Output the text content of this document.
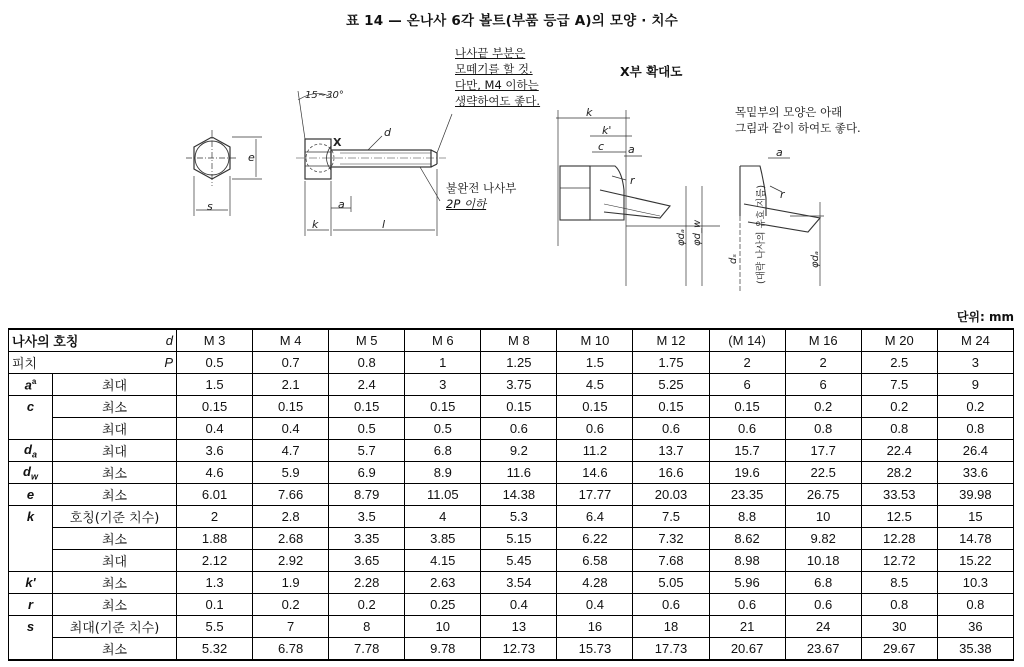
표 14 — 온나사 6각 볼트(부품 등급 A)의 모양 · 치수
15~30°
X
d
a
s
e
k	l
k
k'
c a
r
φdₐ φd_w
dₛ (대략 나사의 유효 지름)
a
r
φdₐ
나사끝 부분은
모떼기를 할 것.
다만, M4 이하는
생략하여도 좋다.
불완전 나사부
2P 이하
X부 확대도
목밑부의 모양은 아래
그림과 같이 하여도 좋다.
단위: mm
나사의 호칭	d	M 3	M 4	M 5	M 6	M 8	M 10	M 12	(M 14)	M 16	M 20	M 24
피치	P	0.5	0.7	0.8	1	1.25	1.5	1.75	2	2	2.5	3
$a^a$	최대	1.5	2.1	2.4	3	3.75	4.5	5.25	6	6	7.5	9
c	최소	0.15	0.15	0.15	0.15	0.15	0.15	0.15	0.15	0.2	0.2	0.2
	최대	0.4	0.4	0.5	0.5	0.6	0.6	0.6	0.6	0.8	0.8	0.8
$d_a$	최대	3.6	4.7	5.7	6.8	9.2	11.2	13.7	15.7	17.7	22.4	26.4
$d_w$	최소	4.6	5.9	6.9	8.9	11.6	14.6	16.6	19.6	22.5	28.2	33.6
e	최소	6.01	7.66	8.79	11.05	14.38	17.77	20.03	23.35	26.75	33.53	39.98
k	호칭(기준 치수)	2	2.8	3.5	4	5.3	6.4	7.5	8.8	10	12.5	15
	최소	1.88	2.68	3.35	3.85	5.15	6.22	7.32	8.62	9.82	12.28	14.78
	최대	2.12	2.92	3.65	4.15	5.45	6.58	7.68	8.98	10.18	12.72	15.22
k'	최소	1.3	1.9	2.28	2.63	3.54	4.28	5.05	5.96	6.8	8.5	10.3
r	최소	0.1	0.2	0.2	0.25	0.4	0.4	0.6	0.6	0.6	0.8	0.8
s	최대(기준 치수)	5.5	7	8	10	13	16	18	21	24	30	36
	최소	5.32	6.78	7.78	9.78	12.73	15.73	17.73	20.67	23.67	29.67	35.38
